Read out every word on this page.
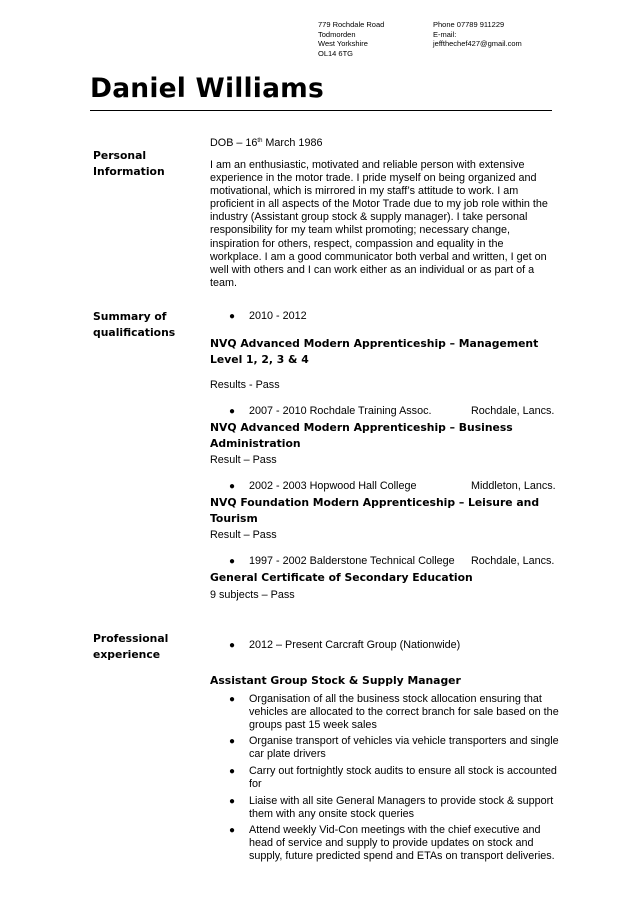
779 Rochdale Road
Todmorden
West Yorkshire
OL14 6TG
Phone 07789 911229
E-mail:
jeffthechef427@gmail.com
Daniel Williams
Personal
Information
DOB – 16th March 1986
I am an enthusiastic, motivated and reliable person with extensive experience in the motor trade. I pride myself on being organized and motivational, which is mirrored in my staff’s attitude to work. I am proficient in all aspects of the Motor Trade due to my job role within the industry (Assistant group stock & supply manager). I take personal responsibility for my team whilst promoting; necessary change, inspiration for others, respect, compassion and equality in the workplace. I am a good communicator both verbal and written, I get on well with others and I can work either as an individual or as part of a team.
Summary of
qualifications
● 2010 - 2012
NVQ Advanced Modern Apprenticeship – Management Level 1, 2, 3 & 4
Results - Pass
● 2007 - 2010 Rochdale Training Assoc.	Rochdale, Lancs.
NVQ Advanced Modern Apprenticeship – Business Administration
Result – Pass
● 2002 - 2003 Hopwood Hall College	Middleton, Lancs.
NVQ Foundation Modern Apprenticeship – Leisure and Tourism
Result – Pass
● 1997 - 2002 Balderstone Technical College Rochdale, Lancs.
General Certificate of Secondary Education
9 subjects – Pass
Professional
experience
● 2012 – Present Carcraft Group (Nationwide)
Assistant Group Stock & Supply Manager
● Organisation of all the business stock allocation ensuring that vehicles are allocated to the correct branch for sale based on the groups past 15 week sales
● Organise transport of vehicles via vehicle transporters and single car plate drivers
● Carry out fortnightly stock audits to ensure all stock is accounted for
● Liaise with all site General Managers to provide stock & support them with any onsite stock queries
● Attend weekly Vid-Con meetings with the chief executive and head of service and supply to provide updates on stock and supply, future predicted spend and ETAs on transport deliveries.
